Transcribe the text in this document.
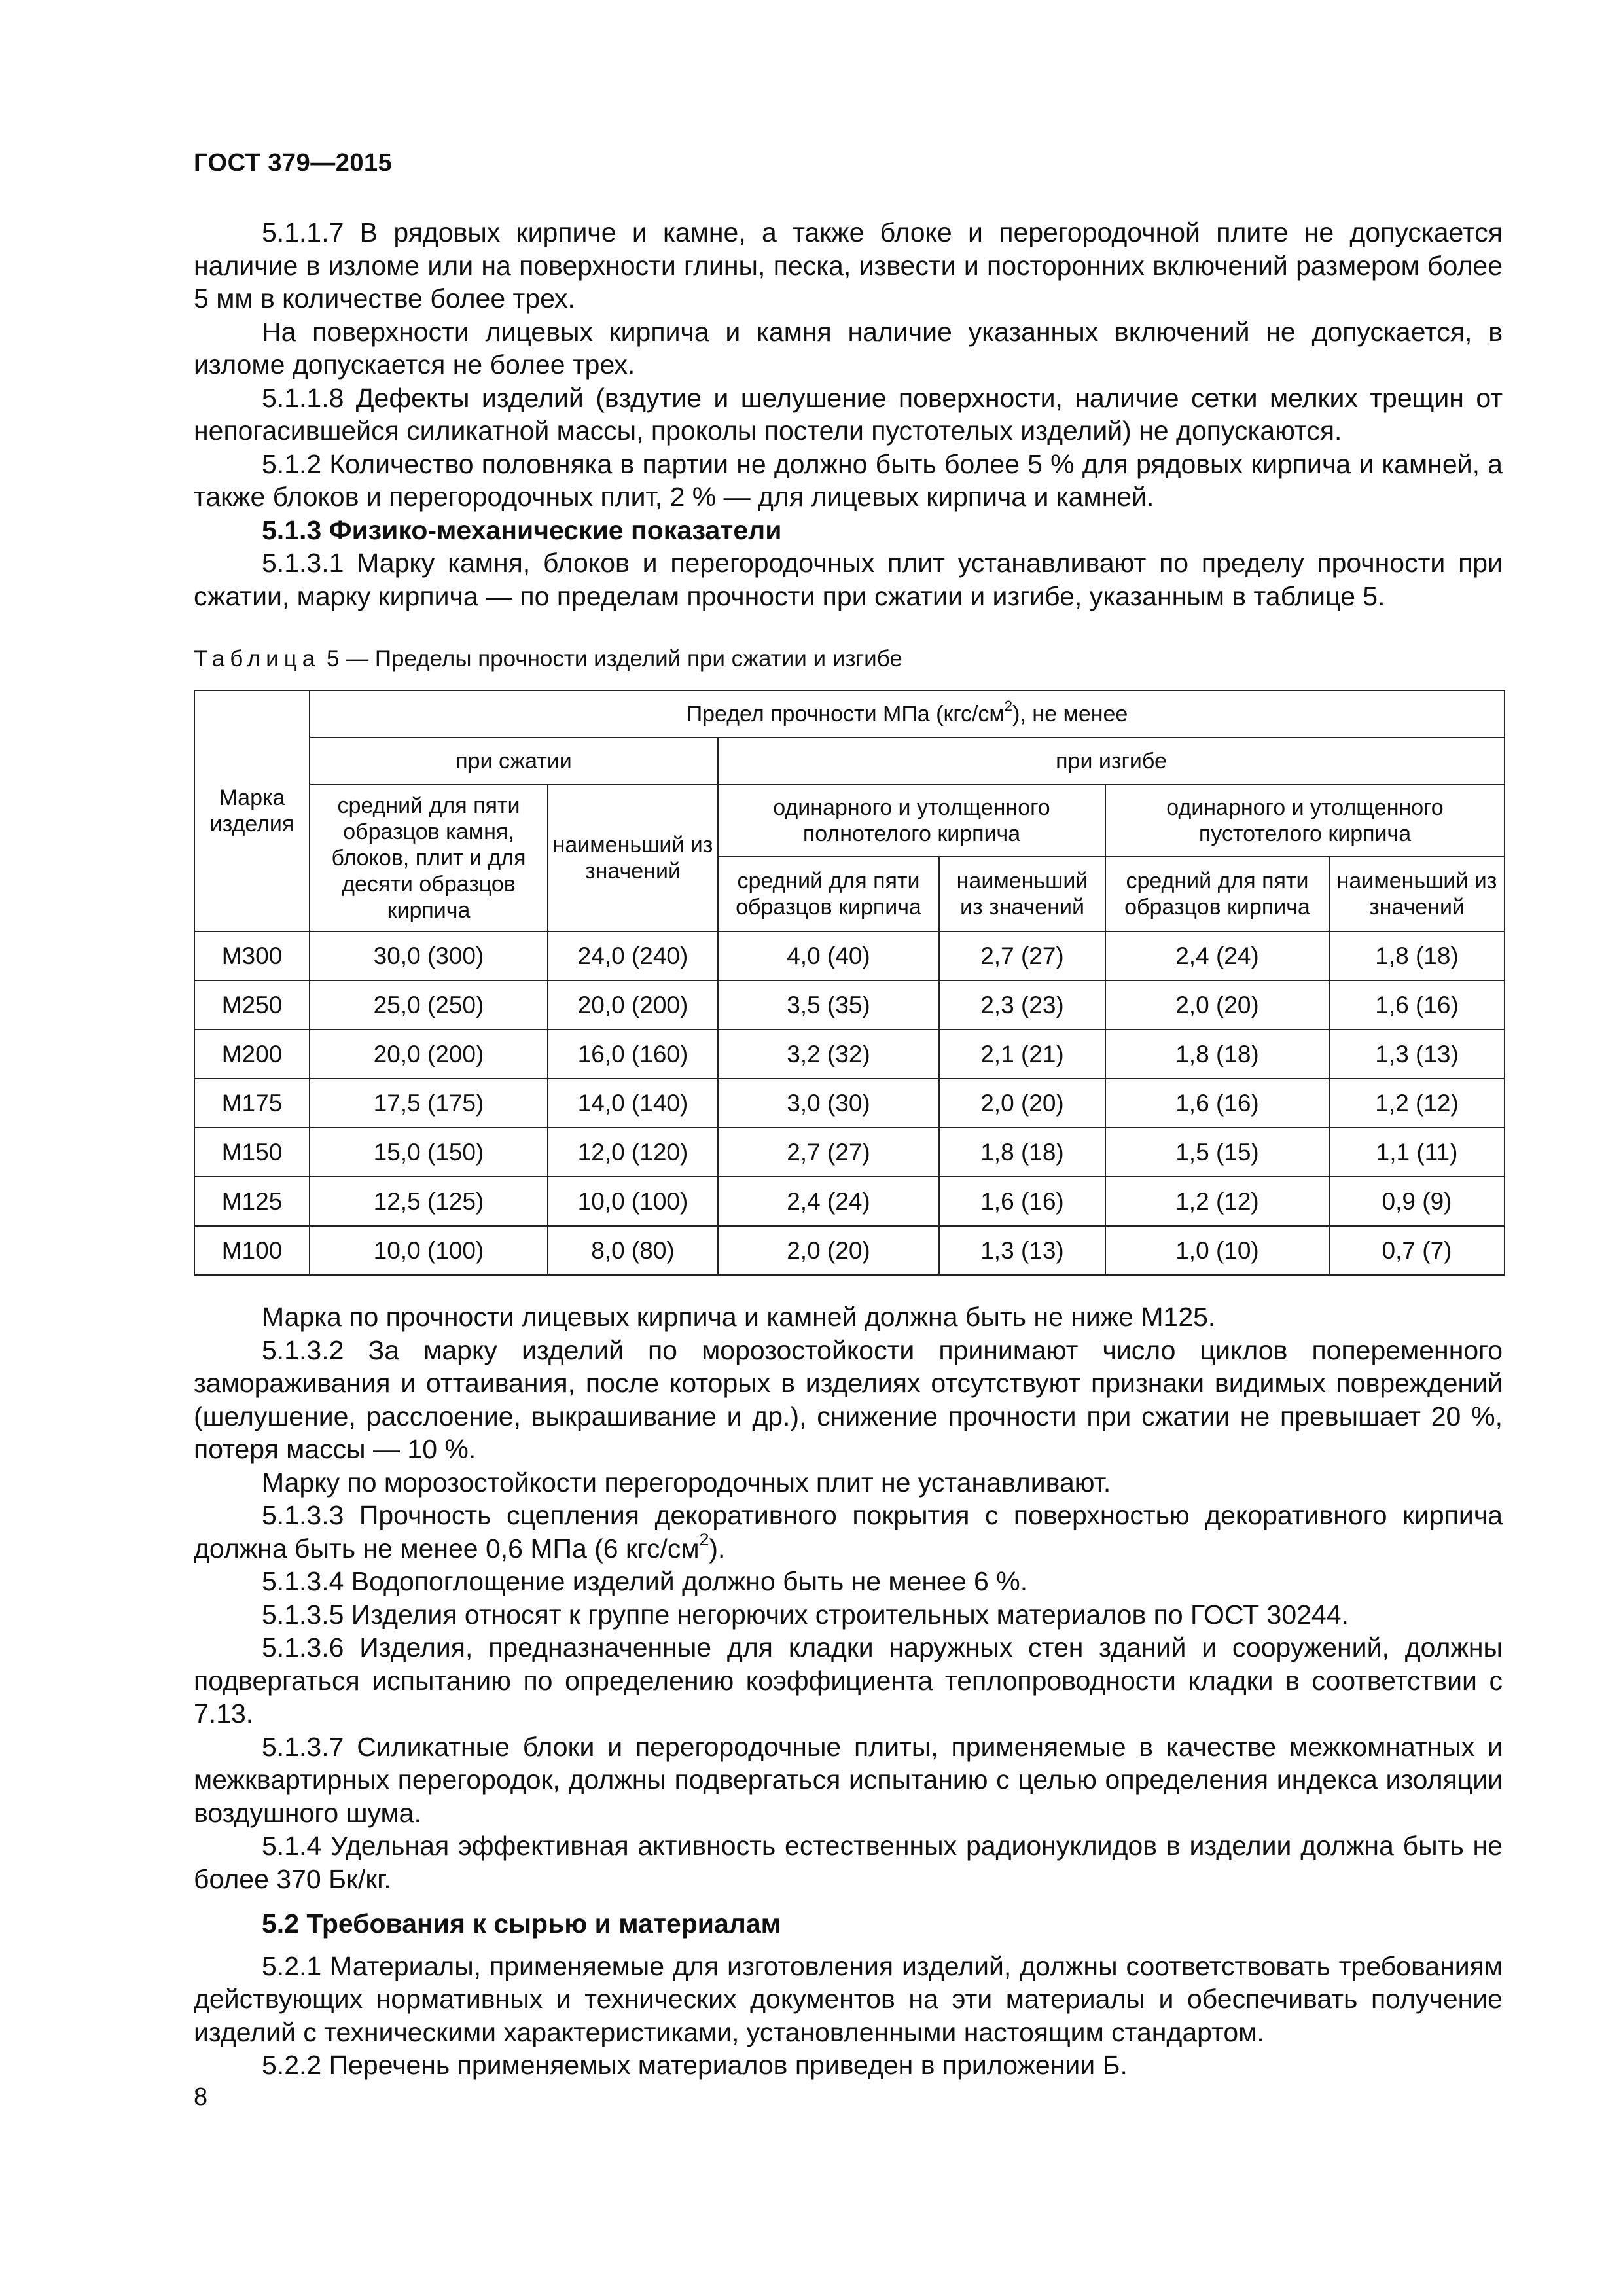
ГОСТ 379—2015

5.1.1.7 В рядовых кирпиче и камне, а также блоке и перегородочной плите не допускается наличие в изломе или на поверхности глины, песка, извести и посторонних включений размером более 5 мм в количестве более трех.

На поверхности лицевых кирпича и камня наличие указанных включений не допускается, в изломе допускается не более трех.

5.1.1.8 Дефекты изделий (вздутие и шелушение поверхности, наличие сетки мелких трещин от непогасившейся силикатной массы, проколы постели пустотелых изделий) не допускаются.

5.1.2 Количество половняка в партии не должно быть более 5 % для рядовых кирпича и камней, а также блоков и перегородочных плит, 2 % — для лицевых кирпича и камней.

5.1.3 Физико-механические показатели

5.1.3.1 Марку камня, блоков и перегородочных плит устанавливают по пределу прочности при сжатии, марку кирпича — по пределам прочности при сжатии и изгибе, указанным в таблице 5.

Таблица 5 — Пределы прочности изделий при сжатии и изгибе
Марка изделия	Предел прочности МПа $(кгс/см^2)$, не менее					
	при сжатии		при изгибе			
	средний для пяти образцов камня, блоков, плит и для десяти образцов кирпича	наименьший из значений	одинарного и утолщенного полнотелого кирпича		одинарного и утолщенного пустотелого кирпича	
			средний для пяти образцов кирпича	наименьший из значений	средний для пяти образцов кирпича	наименьший из значений
М300	30,0 (300)	24,0 (240)	4,0 (40)	2,7 (27)	2,4 (24)	1,8 (18)
М250	25,0 (250)	20,0 (200)	3,5 (35)	2,3 (23)	2,0 (20)	1,6 (16)
М200	20,0 (200)	16,0 (160)	3,2 (32)	2,1 (21)	1,8 (18)	1,3 (13)
М175	17,5 (175)	14,0 (140)	3,0 (30)	2,0 (20)	1,6 (16)	1,2 (12)
М150	15,0 (150)	12,0 (120)	2,7 (27)	1,8 (18)	1,5 (15)	1,1 (11)
М125	12,5 (125)	10,0 (100)	2,4 (24)	1,6 (16)	1,2 (12)	0,9 (9)
М100	10,0 (100)	8,0 (80)	2,0 (20)	1,3 (13)	1,0 (10)	0,7 (7)

Марка по прочности лицевых кирпича и камней должна быть не ниже М125.

5.1.3.2 За марку изделий по морозостойкости принимают число циклов попеременного замораживания и оттаивания, после которых в изделиях отсутствуют признаки видимых повреждений (шелушение, расслоение, выкрашивание и др.), снижение прочности при сжатии не превышает 20 %, потеря массы — 10 %.

Марку по морозостойкости перегородочных плит не устанавливают.

5.1.3.3 Прочность сцепления декоративного покрытия с поверхностью декоративного кирпича должна быть не менее 0,6 МПа (6 кгс/$см^2$).

5.1.3.4 Водопоглощение изделий должно быть не менее 6 %.

5.1.3.5 Изделия относят к группе негорючих строительных материалов по ГОСТ 30244.

5.1.3.6 Изделия, предназначенные для кладки наружных стен зданий и сооружений, должны подвергаться испытанию по определению коэффициента теплопроводности кладки в соответствии с 7.13.

5.1.3.7 Силикатные блоки и перегородочные плиты, применяемые в качестве межкомнатных и межквартирных перегородок, должны подвергаться испытанию с целью определения индекса изоляции воздушного шума.

5.1.4 Удельная эффективная активность естественных радионуклидов в изделии должна быть не более 370 Бк/кг.

5.2 Требования к сырью и материалам

5.2.1 Материалы, применяемые для изготовления изделий, должны соответствовать требованиям действующих нормативных и технических документов на эти материалы и обеспечивать получение изделий с техническими характеристиками, установленными настоящим стандартом.

5.2.2 Перечень применяемых материалов приведен в приложении Б.

8
